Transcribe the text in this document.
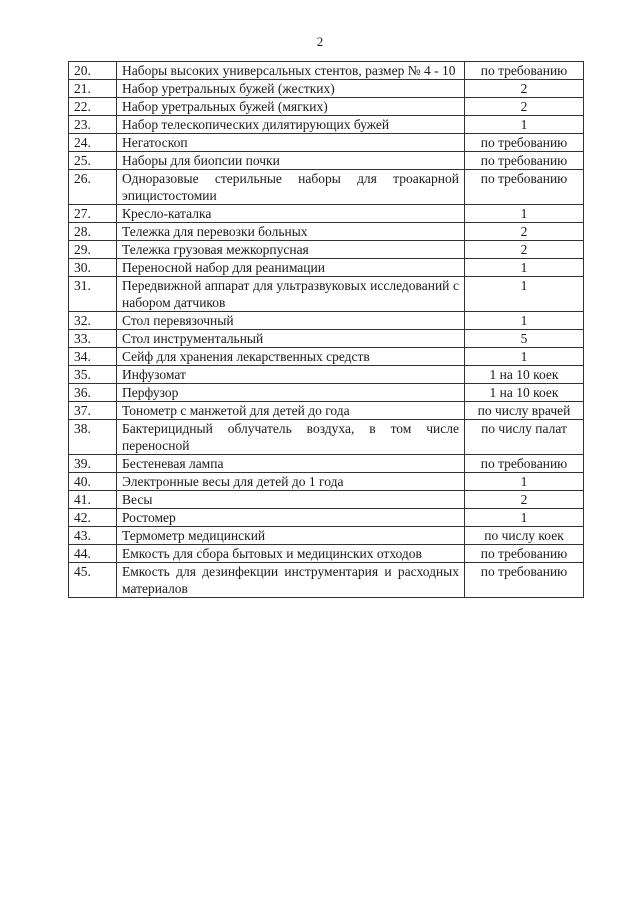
2
20.	Наборы высоких универсальных стентов, размер № 4 - 10	по требованию
21.	Набор уретральных бужей (жестких)	2
22.	Набор уретральных бужей (мягких)	2
23.	Набор телескопических дилятирующих бужей	1
24.	Негатоскоп	по требованию
25.	Наборы для биопсии почки	по требованию
26.	Одноразовые стерильные наборы для троакарной эпицистостомии	по требованию
27.	Кресло-каталка	1
28.	Тележка для перевозки больных	2
29.	Тележка грузовая межкорпусная	2
30.	Переносной набор для реанимации	1
31.	Передвижной аппарат для ультразвуковых исследований с набором датчиков	1
32.	Стол перевязочный	1
33.	Стол инструментальный	5
34.	Сейф для хранения лекарственных средств	1
35.	Инфузомат	1 на 10 коек
36.	Перфузор	1 на 10 коек
37.	Тонометр с манжетой для детей до года	по числу врачей
38.	Бактерицидный облучатель воздуха, в том числе переносной	по числу палат
39.	Бестеневая лампа	по требованию
40.	Электронные весы для детей до 1 года	1
41.	Весы	2
42.	Ростомер	1
43.	Термометр медицинский	по числу коек
44.	Емкость для сбора бытовых и медицинских отходов	по требованию
45.	Емкость для дезинфекции инструментария и расходных материалов	по требованию
